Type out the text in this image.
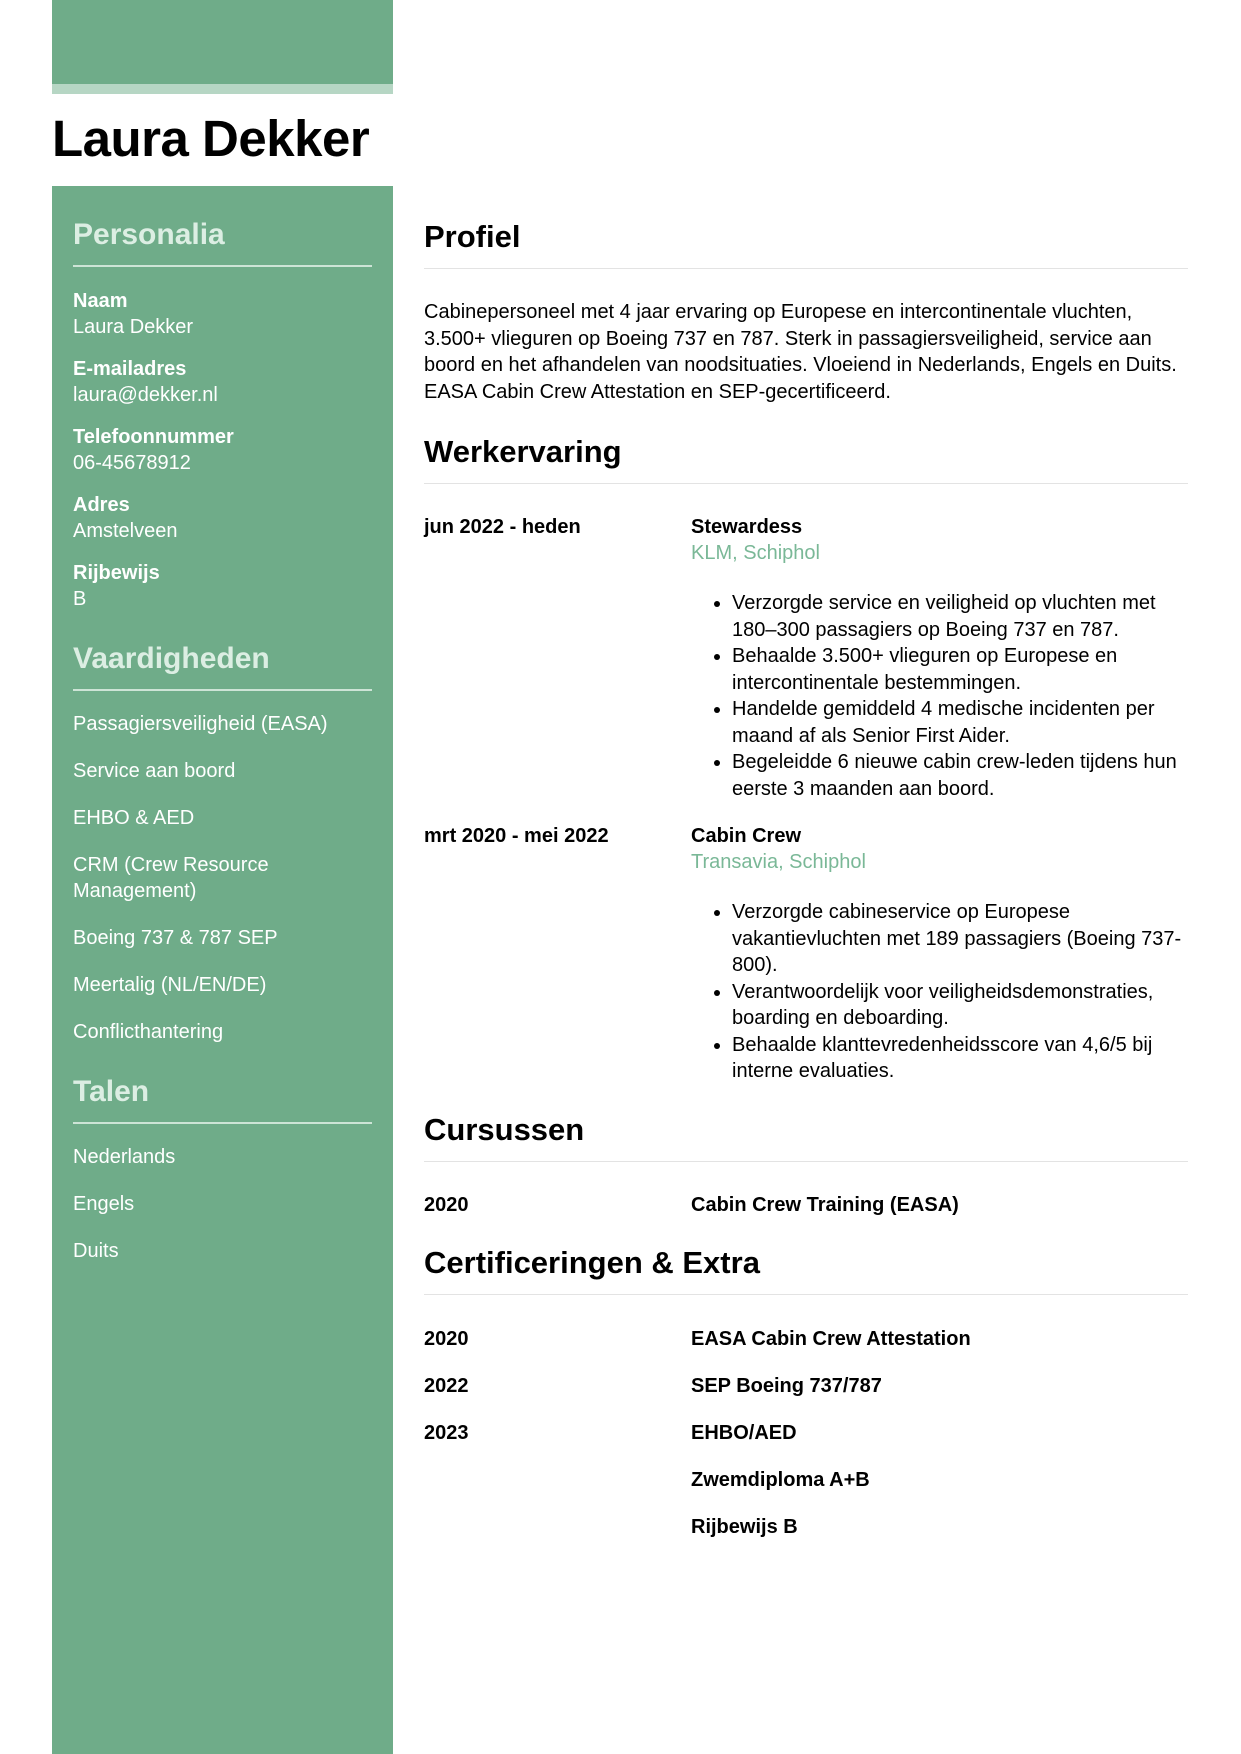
Laura Dekker
Personalia
Naam
Laura Dekker
E-mailadres
laura@dekker.nl
Telefoonnummer
06-45678912
Adres
Amstelveen
Rijbewijs
B
Vaardigheden
Passagiersveiligheid (EASA)
Service aan boord
EHBO & AED
CRM (Crew Resource Management)
Boeing 737 & 787 SEP
Meertalig (NL/EN/DE)
Conflicthantering
Talen
Nederlands
Engels
Duits
Profiel

Cabinepersoneel met 4 jaar ervaring op Europese en intercontinentale vluchten, 3.500+ vlieguren op Boeing 737 en 787. Sterk in passagiersveiligheid, service aan boord en het afhandelen van noodsituaties. Vloeiend in Nederlands, Engels en Duits. EASA Cabin Crew Attestation en SEP-gecertificeerd.

Werkervaring
jun 2022 - heden	Stewardess
KLM, Schiphol
• Verzorgde service en veiligheid op vluchten met 180–300 passagiers op Boeing 737 en 787.
• Behaalde 3.500+ vlieguren op Europese en intercontinentale bestemmingen.
• Handelde gemiddeld 4 medische incidenten per maand af als Senior First Aider.
• Begeleidde 6 nieuwe cabin crew-leden tijdens hun eerste 3 maanden aan boord.
mrt 2020 - mei 2022	Cabin Crew
Transavia, Schiphol
• Verzorgde cabineservice op Europese vakantievluchten met 189 passagiers (Boeing 737-800).
• Verantwoordelijk voor veiligheidsdemonstraties, boarding en deboarding.
• Behaalde klanttevredenheidsscore van 4,6/5 bij interne evaluaties.
Cursussen
2020	Cabin Crew Training (EASA)
Certificeringen & Extra
2020	EASA Cabin Crew Attestation
2022	SEP Boeing 737/787
2023	EHBO/AED
Zwemdiploma A+B
Rijbewijs B
